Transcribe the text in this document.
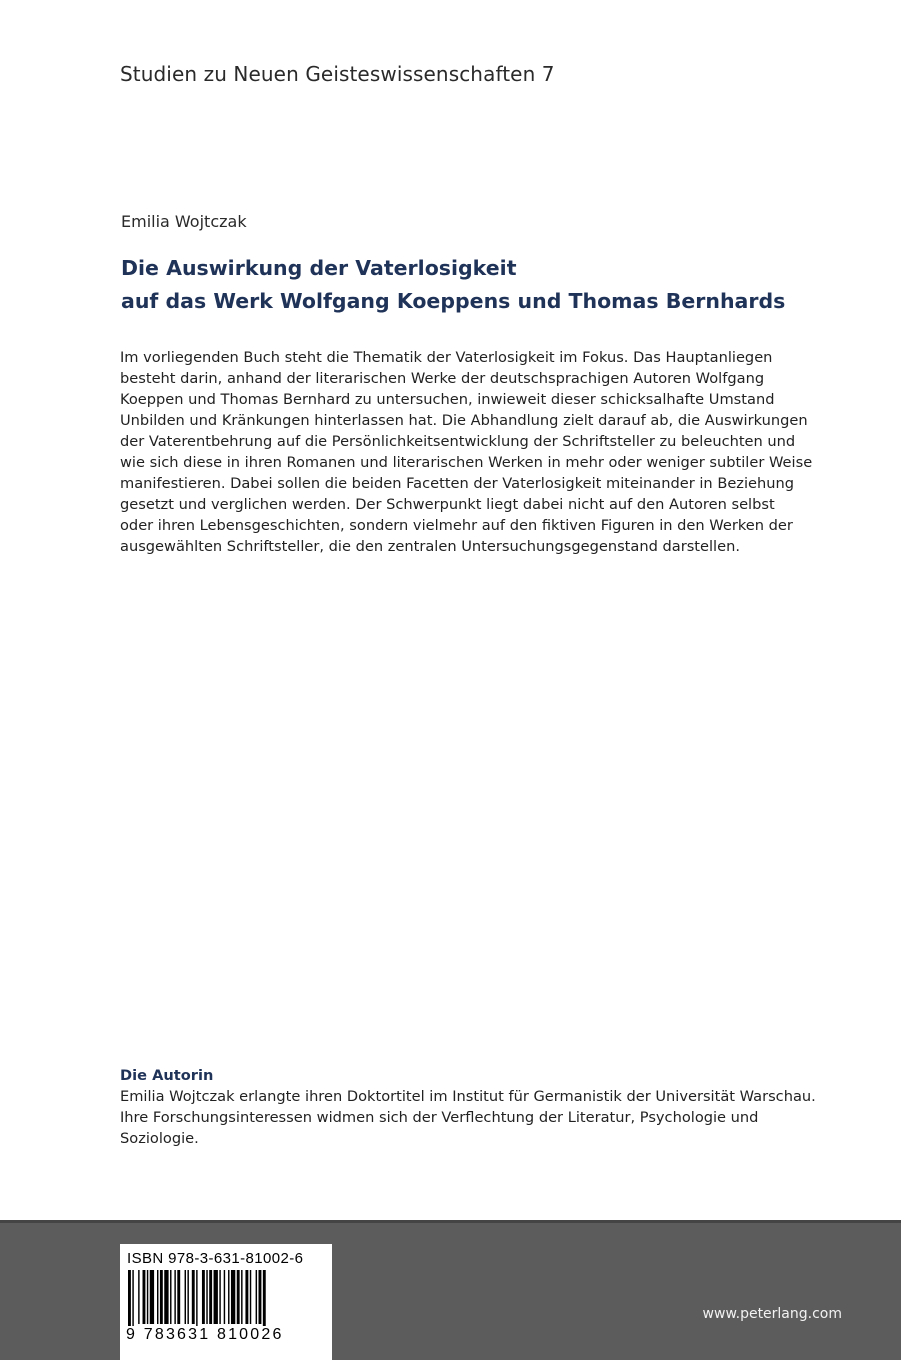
Studien zu Neuen Geisteswissenschaften 7
Emilia Wojtczak
Die Auswirkung der Vaterlosigkeit
auf das Werk Wolfgang Koeppens und Thomas Bernhards
Im vorliegenden Buch steht die Thematik der Vaterlosigkeit im Fokus. Das Hauptanliegen
besteht darin, anhand der literarischen Werke der deutschsprachigen Autoren Wolfgang
Koeppen und Thomas Bernhard zu untersuchen, inwieweit dieser schicksalhafte Umstand
Unbilden und Kränkungen hinterlassen hat. Die Abhandlung zielt darauf ab, die Auswirkungen
der Vaterentbehrung auf die Persönlichkeitsentwicklung der Schriftsteller zu beleuchten und
wie sich diese in ihren Romanen und literarischen Werken in mehr oder weniger subtiler Weise
manifestieren. Dabei sollen die beiden Facetten der Vaterlosigkeit miteinander in Beziehung
gesetzt und verglichen werden. Der Schwerpunkt liegt dabei nicht auf den Autoren selbst
oder ihren Lebensgeschichten, sondern vielmehr auf den fiktiven Figuren in den Werken der
ausgewählten Schriftsteller, die den zentralen Untersuchungsgegenstand darstellen.
Die Autorin
Emilia Wojtczak erlangte ihren Doktortitel im Institut für Germanistik der Universität Warschau.
Ihre Forschungsinteressen widmen sich der Verflechtung der Literatur, Psychologie und
Soziologie.
ISBN 978-3-631-81002-6
9 783631 810026
www.peterlang.com
